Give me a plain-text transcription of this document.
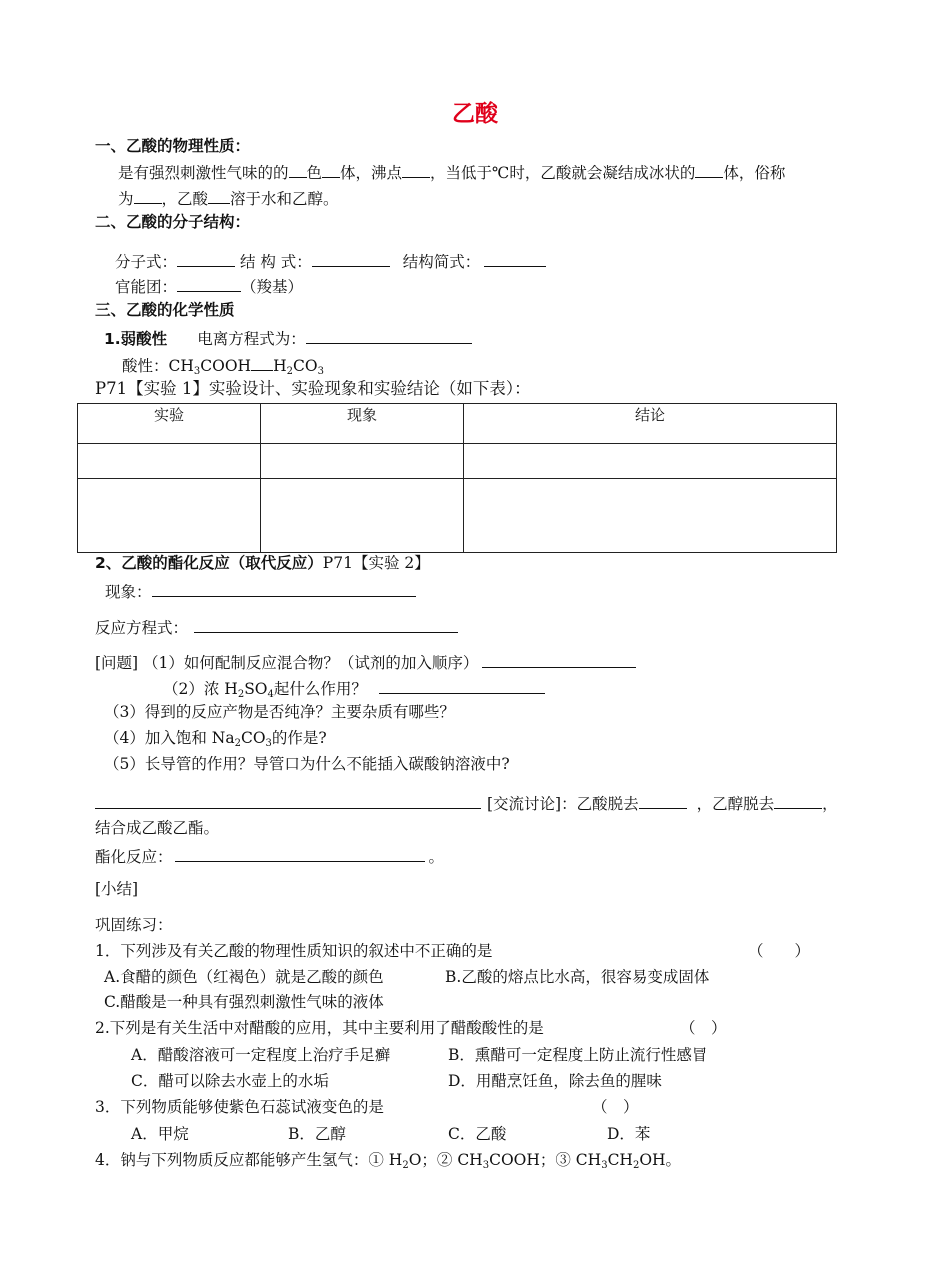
乙酸
一、乙酸的物理性质：
是有强烈刺激性气味的的 色 体，沸点 ，当低于℃时，乙酸就会凝结成冰状的 体，俗称
为 ，乙酸 溶于水和乙醇。
二、乙酸的分子结构：
分子式：	结 构 式：	结构简式：
官能团：	（羧基）
三、乙酸的化学性质
1.弱酸性 电离方程式为：
酸性：$CH_3COOH$ $H_2CO_3$
P71【实验 1】实验设计、实验现象和实验结论（如下表）：
实验	现象	结论

2、乙酸的酯化反应（取代反应）P71【实验 2】
现象：
反应方程式：
[问题] （1）如何配制反应混合物？（试剂的加入顺序）
（2）浓 $H_2SO_4$起什么作用？
（3）得到的反应产物是否纯净？主要杂质有哪些？
（4）加入饱和 $Na_2CO_3$的作是?
（5）长导管的作用？导管口为什么不能插入碳酸钠溶液中?
[交流讨论]：乙酸脱去	，乙醇脱去	，
结合成乙酸乙酯。
酯化反应：	。
[小结]
巩固练习：
1．下列涉及有关乙酸的物理性质知识的叙述中不正确的是	（　　）
A.食醋的颜色（红褐色）就是乙酸的颜色	B.乙酸的熔点比水高，很容易变成固体
C.醋酸是一种具有强烈刺激性气味的液体
2.下列是有关生活中对醋酸的应用，其中主要利用了醋酸酸性的是	（　）
A．醋酸溶液可一定程度上治疗手足癣	B．熏醋可一定程度上防止流行性感冒
C．醋可以除去水壶上的水垢	D．用醋烹饪鱼，除去鱼的腥味
3．下列物质能够使紫色石蕊试液变色的是	（　）
A．甲烷	B．乙醇	C．乙酸	D．苯
4．钠与下列物质反应都能够产生氢气：① $H_2O$；② $CH_3COOH$；③ $CH_3CH_2OH$。
